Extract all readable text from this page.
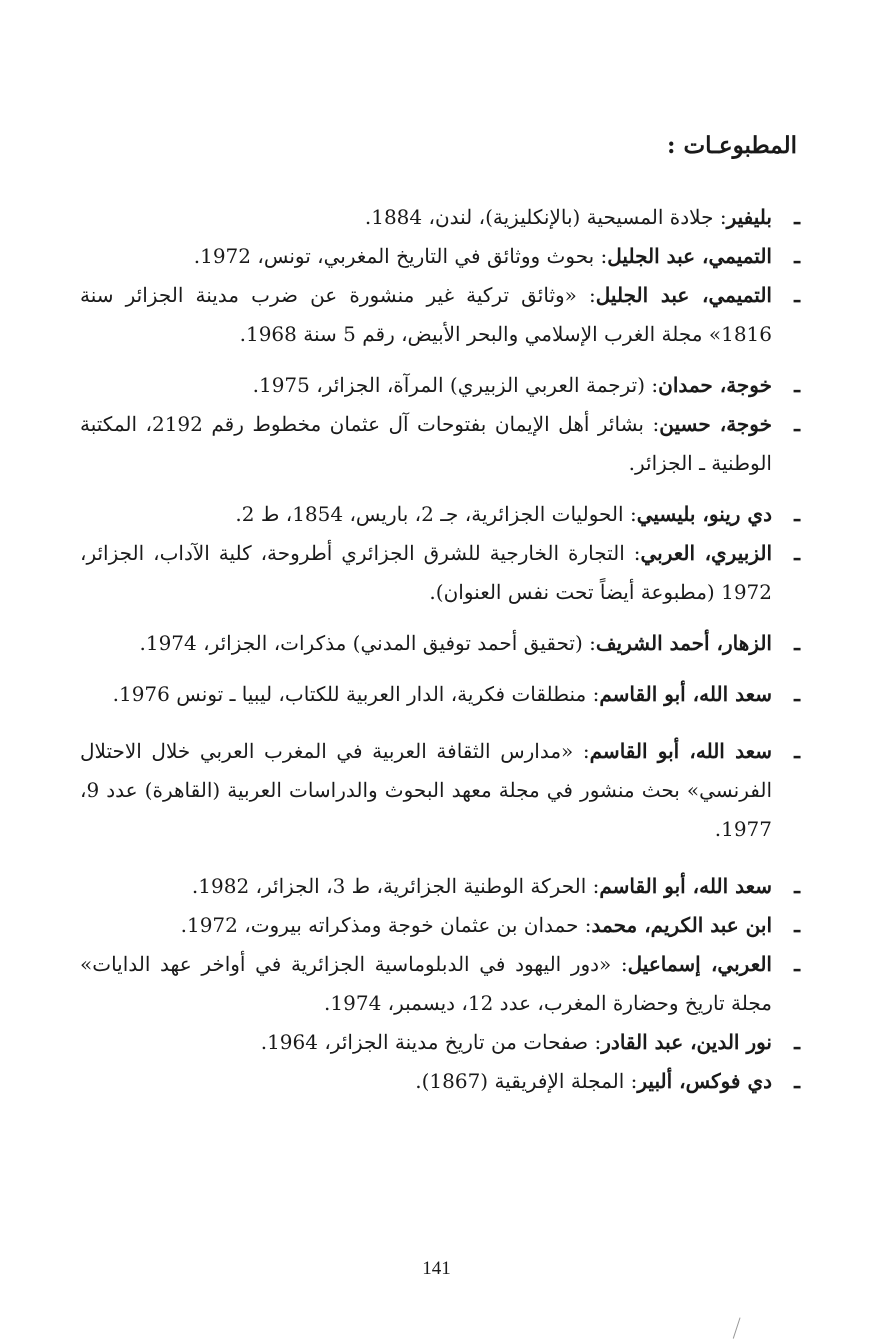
المطبوعـات :
ـ
بليفير: جلادة المسيحية (بالإنكليزية)، لندن، 1884.
ـ
التميمي، عبد الجليل: بحوث ووثائق في التاريخ المغربي، تونس، 1972.
ـ
التميمي، عبد الجليل: «وثائق تركية غير منشورة عن ضرب مدينة الجزائر سنة 1816» مجلة الغرب الإسلامي والبحر الأبيض، رقم 5 سنة 1968.
ـ
خوجة، حمدان: (ترجمة العربي الزبيري) المرآة، الجزائر، 1975.
ـ
خوجة، حسين: بشائر أهل الإيمان بفتوحات آل عثمان مخطوط رقم 2192، المكتبة الوطنية ـ الجزائر.
ـ
دي رينو، بليسيي: الحوليات الجزائرية، جـ 2، باريس، 1854، ط 2.
ـ
الزبيري، العربي: التجارة الخارجية للشرق الجزائري أطروحة، كلية الآداب، الجزائر، 1972 (مطبوعة أيضاً تحت نفس العنوان).
ـ
الزهار، أحمد الشريف: (تحقيق أحمد توفيق المدني) مذكرات، الجزائر، 1974.
ـ
سعد الله، أبو القاسم: منطلقات فكرية، الدار العربية للكتاب، ليبيا ـ تونس 1976.
ـ
سعد الله، أبو القاسم: «مدارس الثقافة العربية في المغرب العربي خلال الاحتلال الفرنسي» بحث منشور في مجلة معهد البحوث والدراسات العربية (القاهرة) عدد 9، 1977.
ـ
سعد الله، أبو القاسم: الحركة الوطنية الجزائرية، ط 3، الجزائر، 1982.
ـ
ابن عبد الكريم، محمد: حمدان بن عثمان خوجة ومذكراته بيروت، 1972.
ـ
العربي، إسماعيل: «دور اليهود في الدبلوماسية الجزائرية في أواخر عهد الدايات» مجلة تاريخ وحضارة المغرب، عدد 12، ديسمبر، 1974.
ـ
نور الدين، عبد القادر: صفحات من تاريخ مدينة الجزائر، 1964.
ـ
دي فوكس، ألبير: المجلة الإفريقية (1867).
141
